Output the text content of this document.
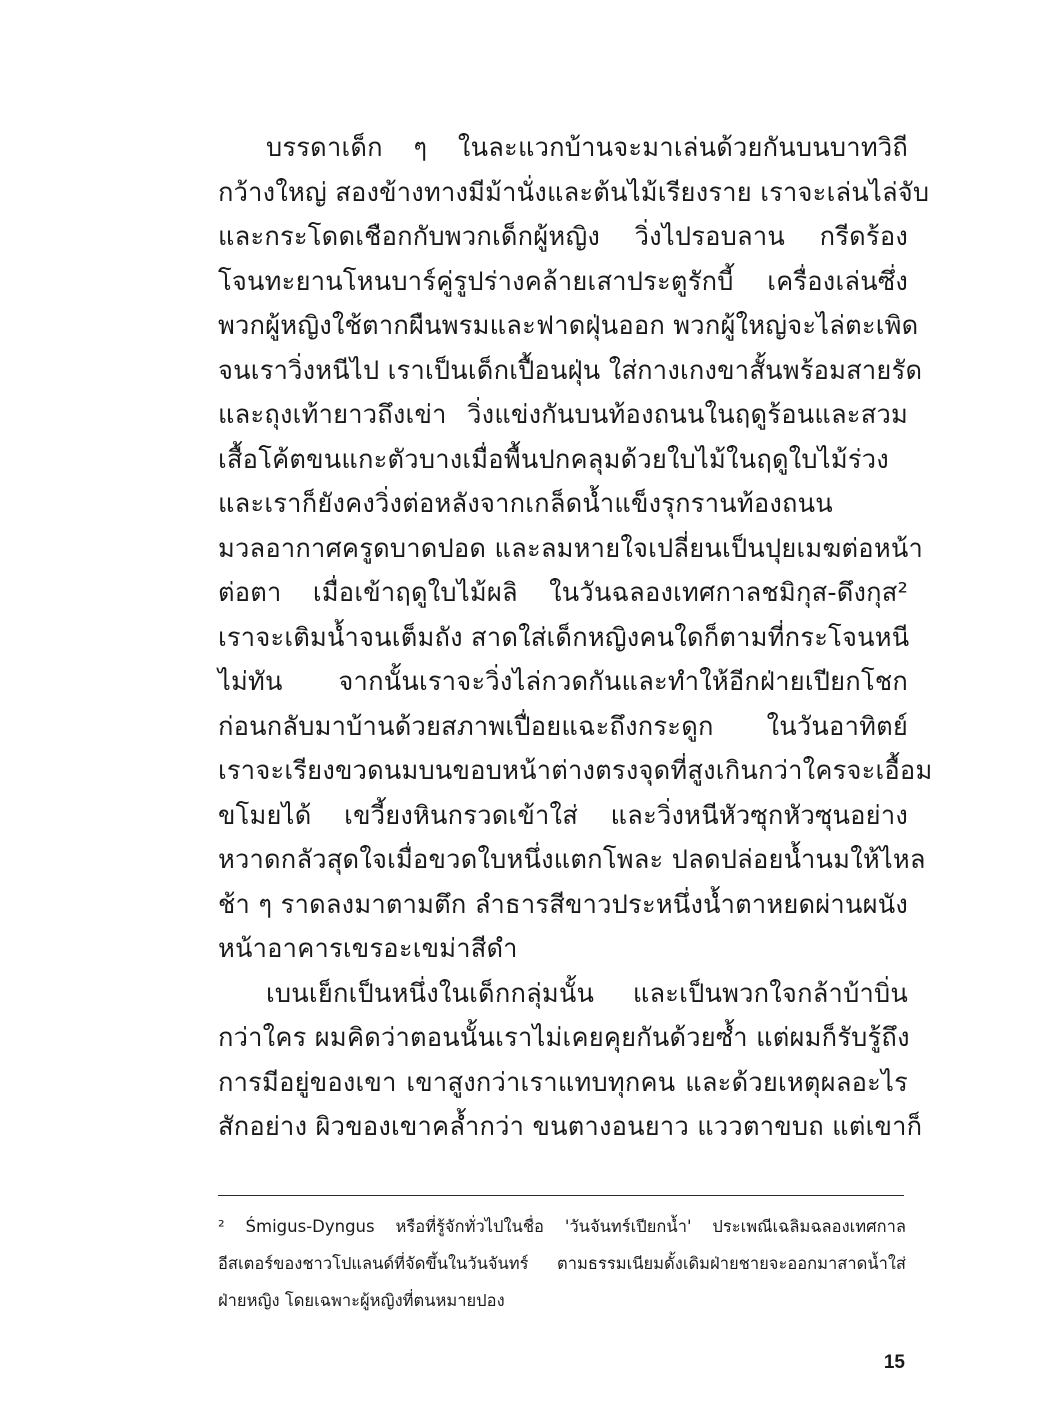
บรรดาเด็ก ๆ ในละแวกบ้านจะมาเล่นด้วยกันบนบาทวิถี
กว้างใหญ่ สองข้างทางมีม้านั่งและต้นไม้เรียงราย เราจะเล่นไล่จับ
และกระโดดเชือกกับพวกเด็กผู้หญิง วิ่งไปรอบลาน กรีดร้อง
โจนทะยานโหนบาร์คู่รูปร่างคล้ายเสาประตูรักบี้ เครื่องเล่นซึ่ง
พวกผู้หญิงใช้ตากผืนพรมและฟาดฝุ่นออก พวกผู้ใหญ่จะไล่ตะเพิด
จนเราวิ่งหนีไป เราเป็นเด็กเปื้อนฝุ่น ใส่กางเกงขาสั้นพร้อมสายรัด
และถุงเท้ายาวถึงเข่า วิ่งแข่งกันบนท้องถนนในฤดูร้อนและสวม
เสื้อโค้ตขนแกะตัวบางเมื่อพื้นปกคลุมด้วยใบไม้ในฤดูใบไม้ร่วง
และเราก็ยังคงวิ่งต่อหลังจากเกล็ดน้ำแข็งรุกรานท้องถนน
มวลอากาศครูดบาดปอด และลมหายใจเปลี่ยนเป็นปุยเมฆต่อหน้า
ต่อตา เมื่อเข้าฤดูใบไม้ผลิ ในวันฉลองเทศกาลชมิกุส-ดึงกุส²
เราจะเติมน้ำจนเต็มถัง สาดใส่เด็กหญิงคนใดก็ตามที่กระโจนหนี
ไม่ทัน จากนั้นเราจะวิ่งไล่กวดกันและทำให้อีกฝ่ายเปียกโชก
ก่อนกลับมาบ้านด้วยสภาพเปื่อยแฉะถึงกระดูก ในวันอาทิตย์
เราจะเรียงขวดนมบนขอบหน้าต่างตรงจุดที่สูงเกินกว่าใครจะเอื้อม
ขโมยได้ เขวี้ยงหินกรวดเข้าใส่ และวิ่งหนีหัวซุกหัวซุนอย่าง
หวาดกลัวสุดใจเมื่อขวดใบหนึ่งแตกโพละ ปลดปล่อยน้ำนมให้ไหล
ช้า ๆ ราดลงมาตามตึก ลำธารสีขาวประหนึ่งน้ำตาหยดผ่านผนัง
หน้าอาคารเขรอะเขม่าสีดำ
เบนเย็กเป็นหนึ่งในเด็กกลุ่มนั้น และเป็นพวกใจกล้าบ้าบิ่น
กว่าใคร ผมคิดว่าตอนนั้นเราไม่เคยคุยกันด้วยซ้ำ แต่ผมก็รับรู้ถึง
การมีอยู่ของเขา เขาสูงกว่าเราแทบทุกคน และด้วยเหตุผลอะไร
สักอย่าง ผิวของเขาคล้ำกว่า ขนตางอนยาว แววตาขบถ แต่เขาก็
² Śmigus-Dyngus หรือที่รู้จักทั่วไปในชื่อ 'วันจันทร์เปียกน้ำ' ประเพณีเฉลิมฉลองเทศกาล
อีสเตอร์ของชาวโปแลนด์ที่จัดขึ้นในวันจันทร์ ตามธรรมเนียมดั้งเดิมฝ่ายชายจะออกมาสาดน้ำใส่
ฝ่ายหญิง โดยเฉพาะผู้หญิงที่ตนหมายปอง
15
